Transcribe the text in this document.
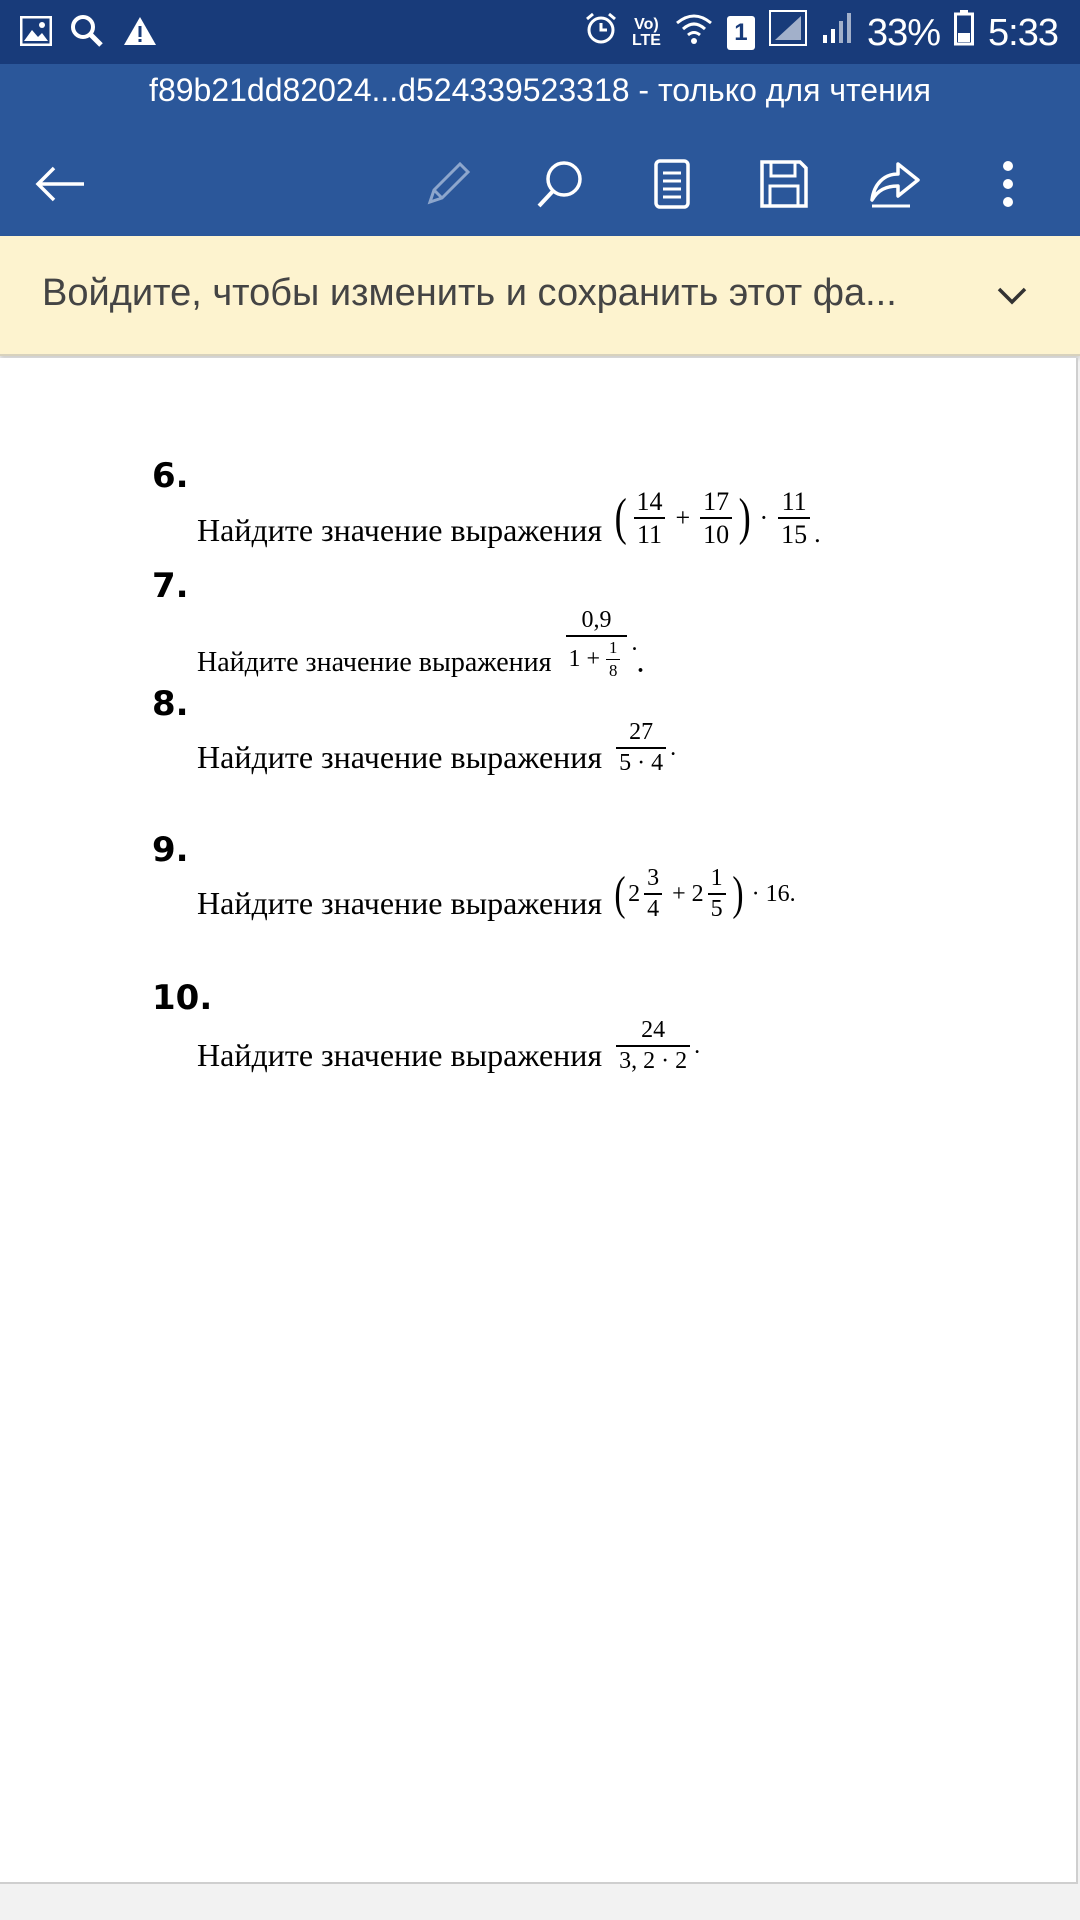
Vo)
LTE	1	33% 5:33
f89b21dd82024...d524339523318 - только для чтения
Войдите, чтобы изменить и сохранить этот фа...
6.
Найдите значение выражения ( $\frac{14}{11} + \frac{17}{10}$ ) · $\frac{11}{15}$ .
7.
Найдите значение выражения $\frac{0,9}{1 + \frac{1}{8}}$ .
.
8.
Найдите значение выражения $\frac{27}{5 \cdot 4}$ .
9.
Найдите значение выражения ( $2 \frac{3}{4} + 2 \frac{1}{5}$ ) · 16.
10.
Найдите значение выражения $\frac{24}{3, 2 \cdot 2}$ .
